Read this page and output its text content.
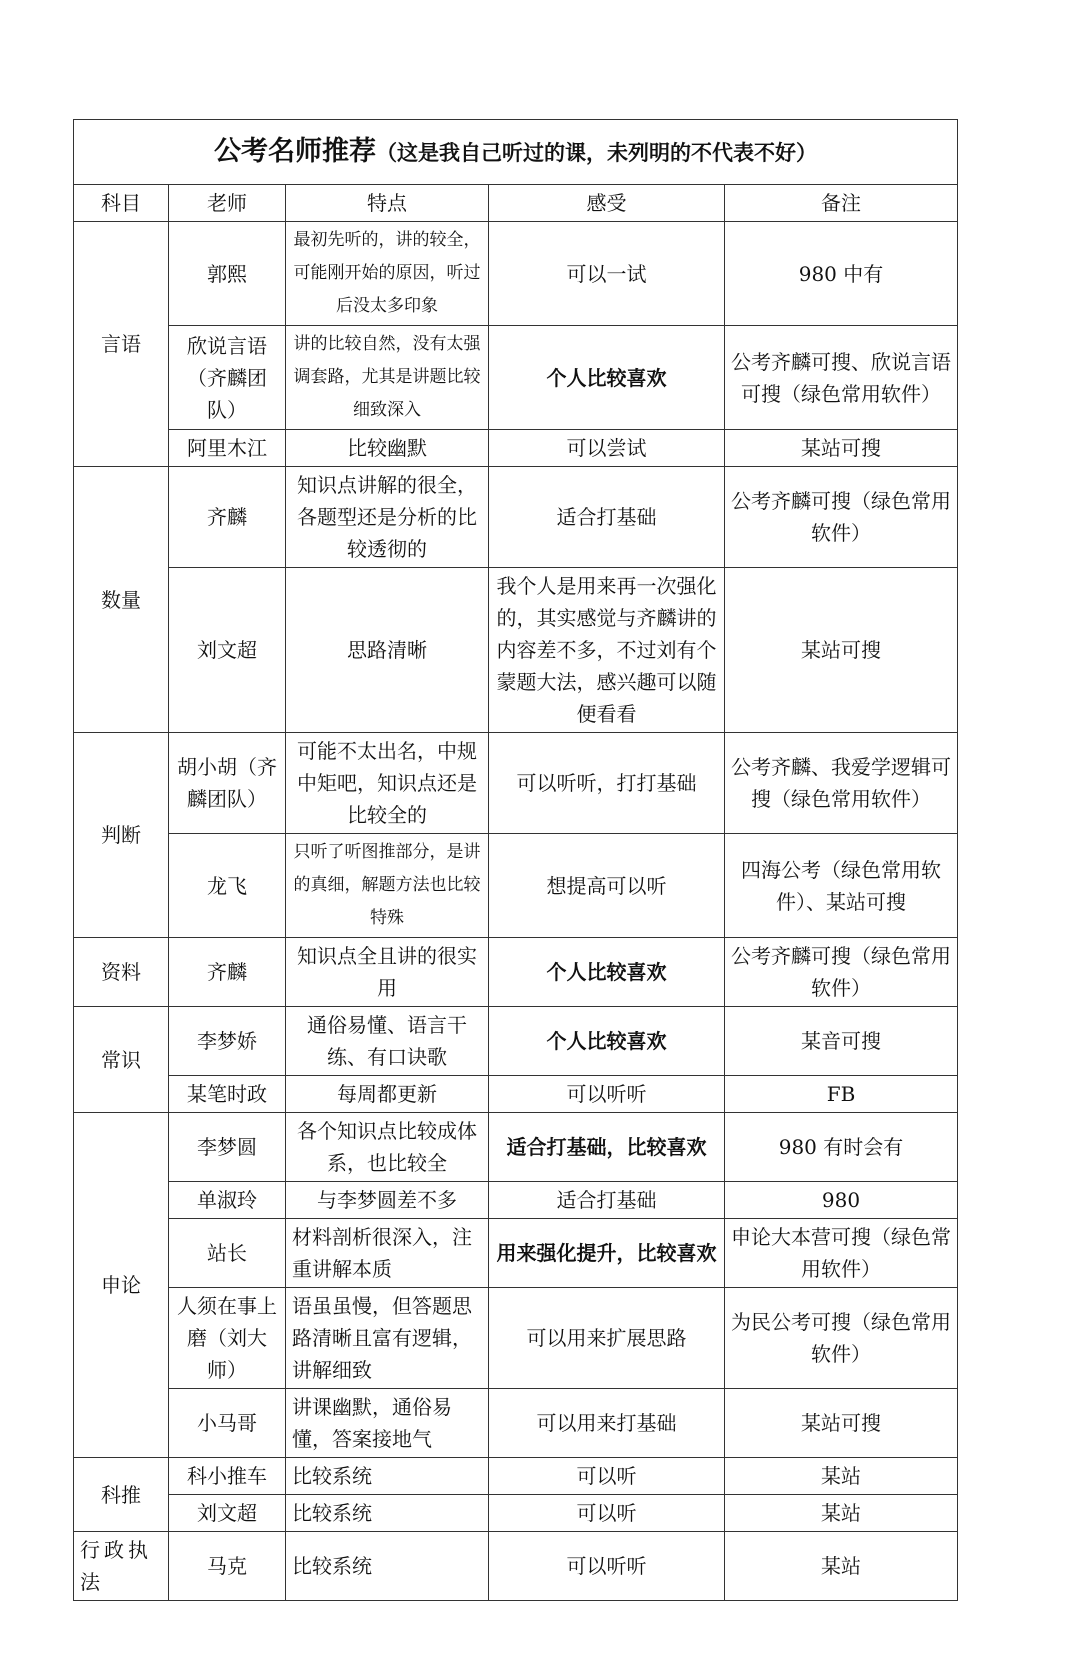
公考名师推荐（这是我自己听过的课，未列明的不代表不好）				
科目	老师	特点	感受	备注
言语	郭熙	最初先听的，讲的较全，可能刚开始的原因，听过后没太多印象	可以一试	980 中有
	欣说言语（齐麟团队）	讲的比较自然，没有太强调套路，尤其是讲题比较细致深入	个人比较喜欢	公考齐麟可搜、欣说言语可搜（绿色常用软件）
	阿里木江	比较幽默	可以尝试	某站可搜
数量	齐麟	知识点讲解的很全，各题型还是分析的比较透彻的	适合打基础	公考齐麟可搜（绿色常用软件）
	刘文超	思路清晰	我个人是用来再一次强化的，其实感觉与齐麟讲的内容差不多，不过刘有个蒙题大法，感兴趣可以随便看看	某站可搜
判断	胡小胡（齐麟团队）	可能不太出名，中规中矩吧，知识点还是比较全的	可以听听，打打基础	公考齐麟、我爱学逻辑可搜（绿色常用软件）
	龙飞	只听了听图推部分，是讲的真细，解题方法也比较特殊	想提高可以听	四海公考（绿色常用软件）、某站可搜
资料	齐麟	知识点全且讲的很实用	个人比较喜欢	公考齐麟可搜（绿色常用软件）
常识	李梦娇	通俗易懂、语言干练、有口诀歌	个人比较喜欢	某音可搜
	某笔时政	每周都更新	可以听听	FB
申论	李梦圆	各个知识点比较成体系，也比较全	适合打基础，比较喜欢	980 有时会有
	单淑玲	与李梦圆差不多	适合打基础	980
	站长	材料剖析很深入，注重讲解本质	用来强化提升，比较喜欢	申论大本营可搜（绿色常用软件）
	人须在事上磨（刘大师）	语虽虽慢，但答题思路清晰且富有逻辑，讲解细致	可以用来扩展思路	为民公考可搜（绿色常用软件）
	小马哥	讲课幽默，通俗易懂，答案接地气	可以用来打基础	某站可搜
科推	科小推车	比较系统	可以听	某站
	刘文超	比较系统	可以听	某站
行政执法	马克	比较系统	可以听听	某站
